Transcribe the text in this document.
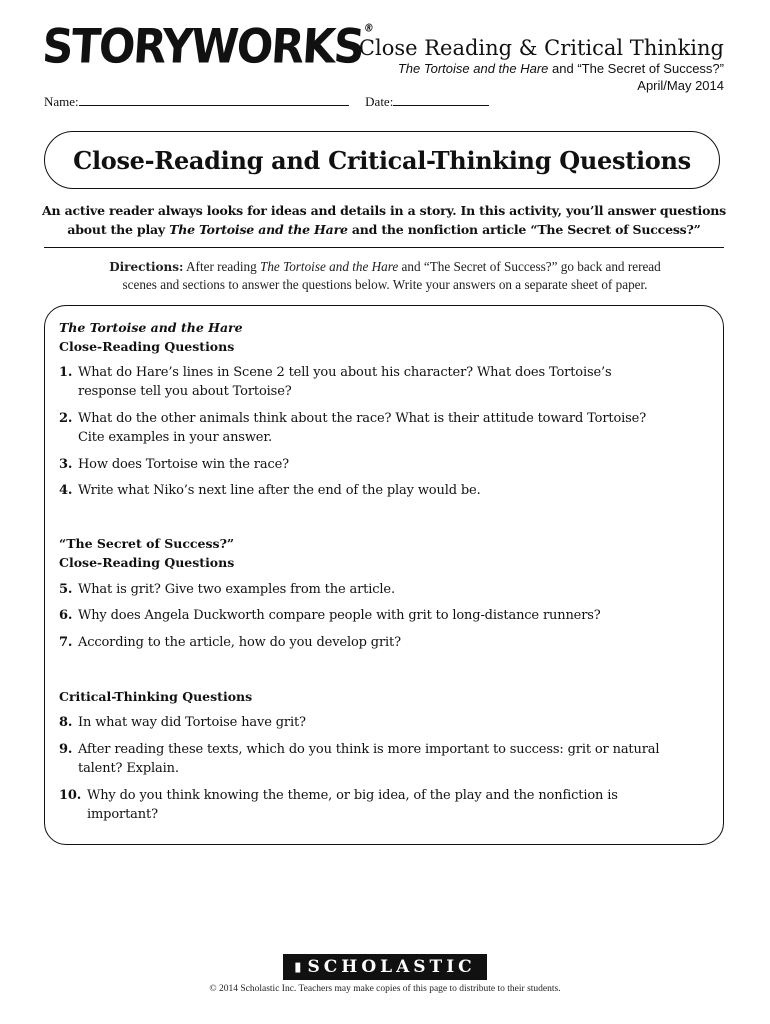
STORYWORKS®
Close Reading & Critical Thinking
The Tortoise and the Hare and “The Secret of Success?”
April/May 2014
Name:	Date:
Close-Reading and Critical-Thinking Questions
An active reader always looks for ideas and details in a story. In this activity, you’ll answer questions
about the play The Tortoise and the Hare and the nonfiction article “The Secret of Success?”
Directions: After reading The Tortoise and the Hare and “The Secret of Success?” go back and reread
scenes and sections to answer the questions below. Write your answers on a separate sheet of paper.
The Tortoise and the Hare
Close-Reading Questions
1. What do Hare’s lines in Scene 2 tell you about his character? What does Tortoise’s
response tell you about Tortoise?
2. What do the other animals think about the race? What is their attitude toward Tortoise?
Cite examples in your answer.
3. How does Tortoise win the race?
4. Write what Niko’s next line after the end of the play would be.
“The Secret of Success?”
Close-Reading Questions
5. What is grit? Give two examples from the article.
6. Why does Angela Duckworth compare people with grit to long-distance runners?
7. According to the article, how do you develop grit?
Critical-Thinking Questions
8. In what way did Tortoise have grit?
9. After reading these texts, which do you think is more important to success: grit or natural
talent? Explain.
10. Why do you think knowing the theme, or big idea, of the play and the nonfiction is
important?
▮ SCHOLASTIC
© 2014 Scholastic Inc. Teachers may make copies of this page to distribute to their students.
